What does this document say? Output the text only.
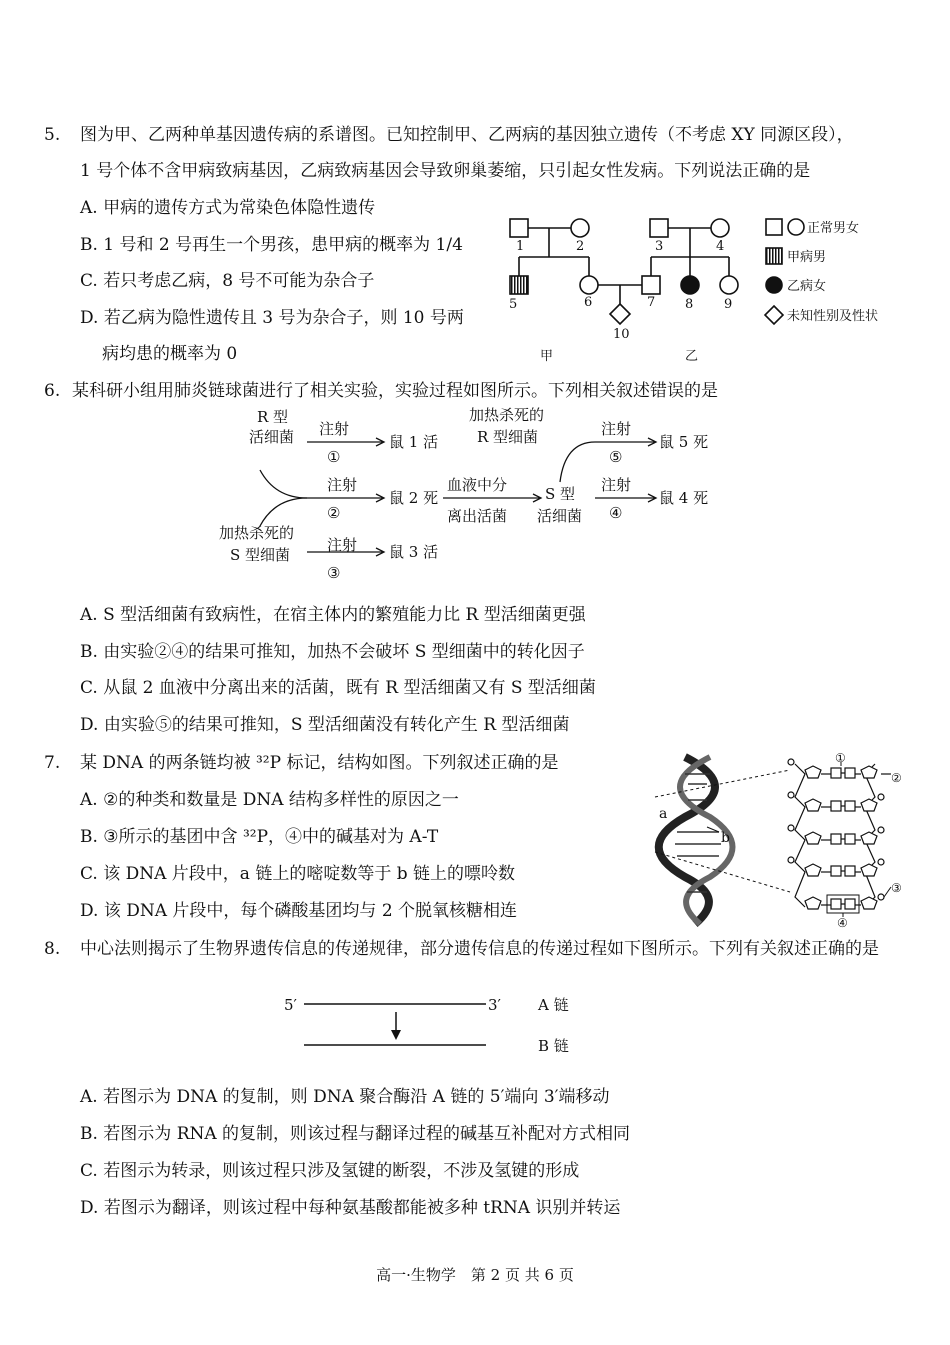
5. 图为甲、乙两种单基因遗传病的系谱图。已知控制甲、乙两病的基因独立遗传（不考虑 XY 同源区段），
1 号个体不含甲病致病基因，乙病致病基因会导致卵巢萎缩，只引起女性发病。下列说法正确的是
A. 甲病的遗传方式为常染色体隐性遗传
B. 1 号和 2 号再生一个男孩，患甲病的概率为 1/4
C. 若只考虑乙病，8 号不可能为杂合子
D. 若乙病为隐性遗传且 3 号为杂合子，则 10 号两
病均患的概率为 0
1	2	3	4
5	6	7 8 9
10
正常男女
甲病男
乙病女
未知性别及性状
甲	乙
6. 某科研小组用肺炎链球菌进行了相关实验，实验过程如图所示。下列相关叙述错误的是
R 型
活细菌 注射
①
鼠 1 活
注射
②
鼠 2 死
加热杀死的
S 型细菌
注射
③
鼠 3 活
血液中分
离出活菌
加热杀死的
R 型细菌
S 型
活细菌
注射
⑤
鼠 5 死
注射
④
鼠 4 死
A. S 型活细菌有致病性，在宿主体内的繁殖能力比 R 型活细菌更强
B. 由实验②④的结果可推知，加热不会破坏 S 型细菌中的转化因子
C. 从鼠 2 血液中分离出来的活菌，既有 R 型活细菌又有 S 型活细菌
D. 由实验⑤的结果可推知，S 型活细菌没有转化产生 R 型活细菌
7. 某 DNA 的两条链均被 ³²P 标记，结构如图。下列叙述正确的是
A. ②的种类和数量是 DNA 结构多样性的原因之一
B. ③所示的基团中含 ³²P，④中的碱基对为 A-T
C. 该 DNA 片段中，a 链上的嘧啶数等于 b 链上的嘌呤数
D. 该 DNA 片段中，每个磷酸基团均与 2 个脱氧核糖相连
a
b
①
②
③
④
8. 中心法则揭示了生物界遗传信息的传递规律，部分遗传信息的传递过程如下图所示。下列有关叙述正确的是
5′	3′ A 链
B 链
A. 若图示为 DNA 的复制，则 DNA 聚合酶沿 A 链的 5′端向 3′端移动
B. 若图示为 RNA 的复制，则该过程与翻译过程的碱基互补配对方式相同
C. 若图示为转录，则该过程只涉及氢键的断裂，不涉及氢键的形成
D. 若图示为翻译，则该过程中每种氨基酸都能被多种 tRNA 识别并转运
高一·生物学　第 2 页 共 6 页
